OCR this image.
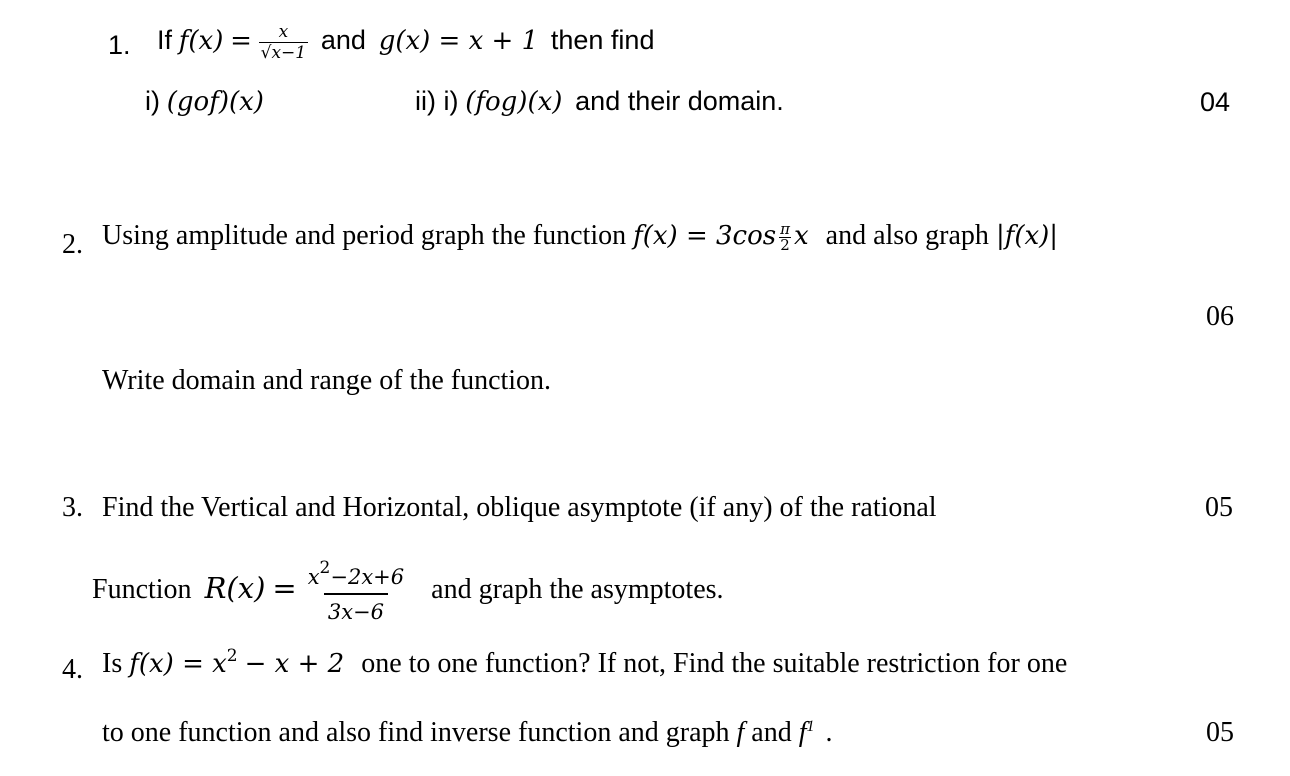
1. If $f(x) = \frac{x}{√x-1}$ and g(x) = x + 1 then find
i) (gof)(x)	ii) i) (fog)(x) and their domain.	04
2. Using amplitude and period graph the function $f(x) = 3\cos \frac{\pi}{2}$ x and also graph |f(x)|
06
Write domain and range of the function.
3. Find the Vertical and Horizontal, oblique asymptote (if any) of the rational	05
Function $R(x) = \frac{x^2-2x+6}{3x-6}$ and graph the asymptotes.
4. Is $f(x) = x^2 - x + 2$ one to one function? If not, Find the suitable restriction for one
to one function and also find inverse function and graph f and $f^1$ .	05
